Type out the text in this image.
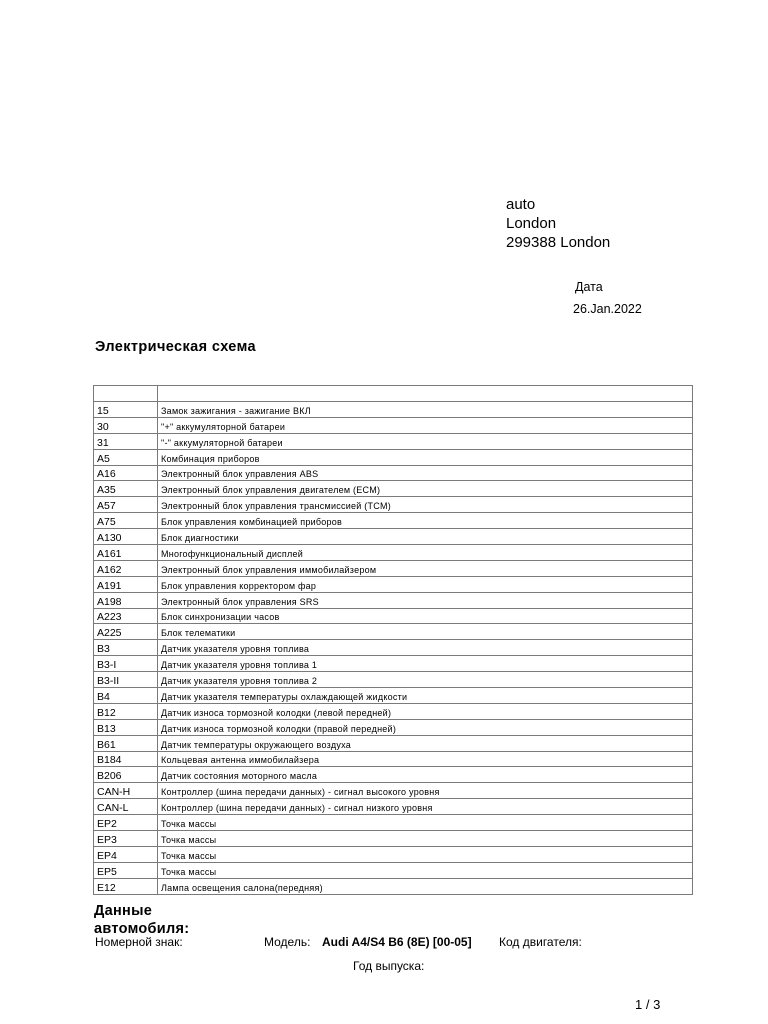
auto
London
299388 London
Дата
26.Jan.2022
Электрическая схема

15	Замок зажигания - зажигание ВКЛ
30	"+" аккумуляторной батареи
31	"-" аккумуляторной батареи
A5	Комбинация приборов
A16	Электронный блок управления ABS
A35	Электронный блок управления двигателем (ECM)
A57	Электронный блок управления трансмиссией (TCM)
A75	Блок управления комбинацией приборов
A130	Блок диагностики
A161	Многофункциональный дисплей
A162	Электронный блок управления иммобилайзером
A191	Блок управления корректором фар
A198	Электронный блок управления SRS
A223	Блок синхронизации часов
A225	Блок телематики
B3	Датчик указателя уровня топлива
B3-I	Датчик указателя уровня топлива 1
B3-II	Датчик указателя уровня топлива 2
B4	Датчик указателя температуры охлаждающей жидкости
B12	Датчик износа тормозной колодки (левой передней)
B13	Датчик износа тормозной колодки (правой передней)
B61	Датчик температуры окружающего воздуха
B184	Кольцевая антенна иммобилайзера
B206	Датчик состояния моторного масла
CAN-H	Контроллер (шина передачи данных) - сигнал высокого уровня
CAN-L	Контроллер (шина передачи данных) - сигнал низкого уровня
EP2	Точка массы
EP3	Точка массы
EP4	Точка массы
EP5	Точка массы
E12	Лампа освещения салона(передняя)
Данные автомобиля:
Номерной знак:	Модель: Audi A4/S4 B6 (8E) [00-05] Код двигателя:
Год выпуска:
1 / 3
